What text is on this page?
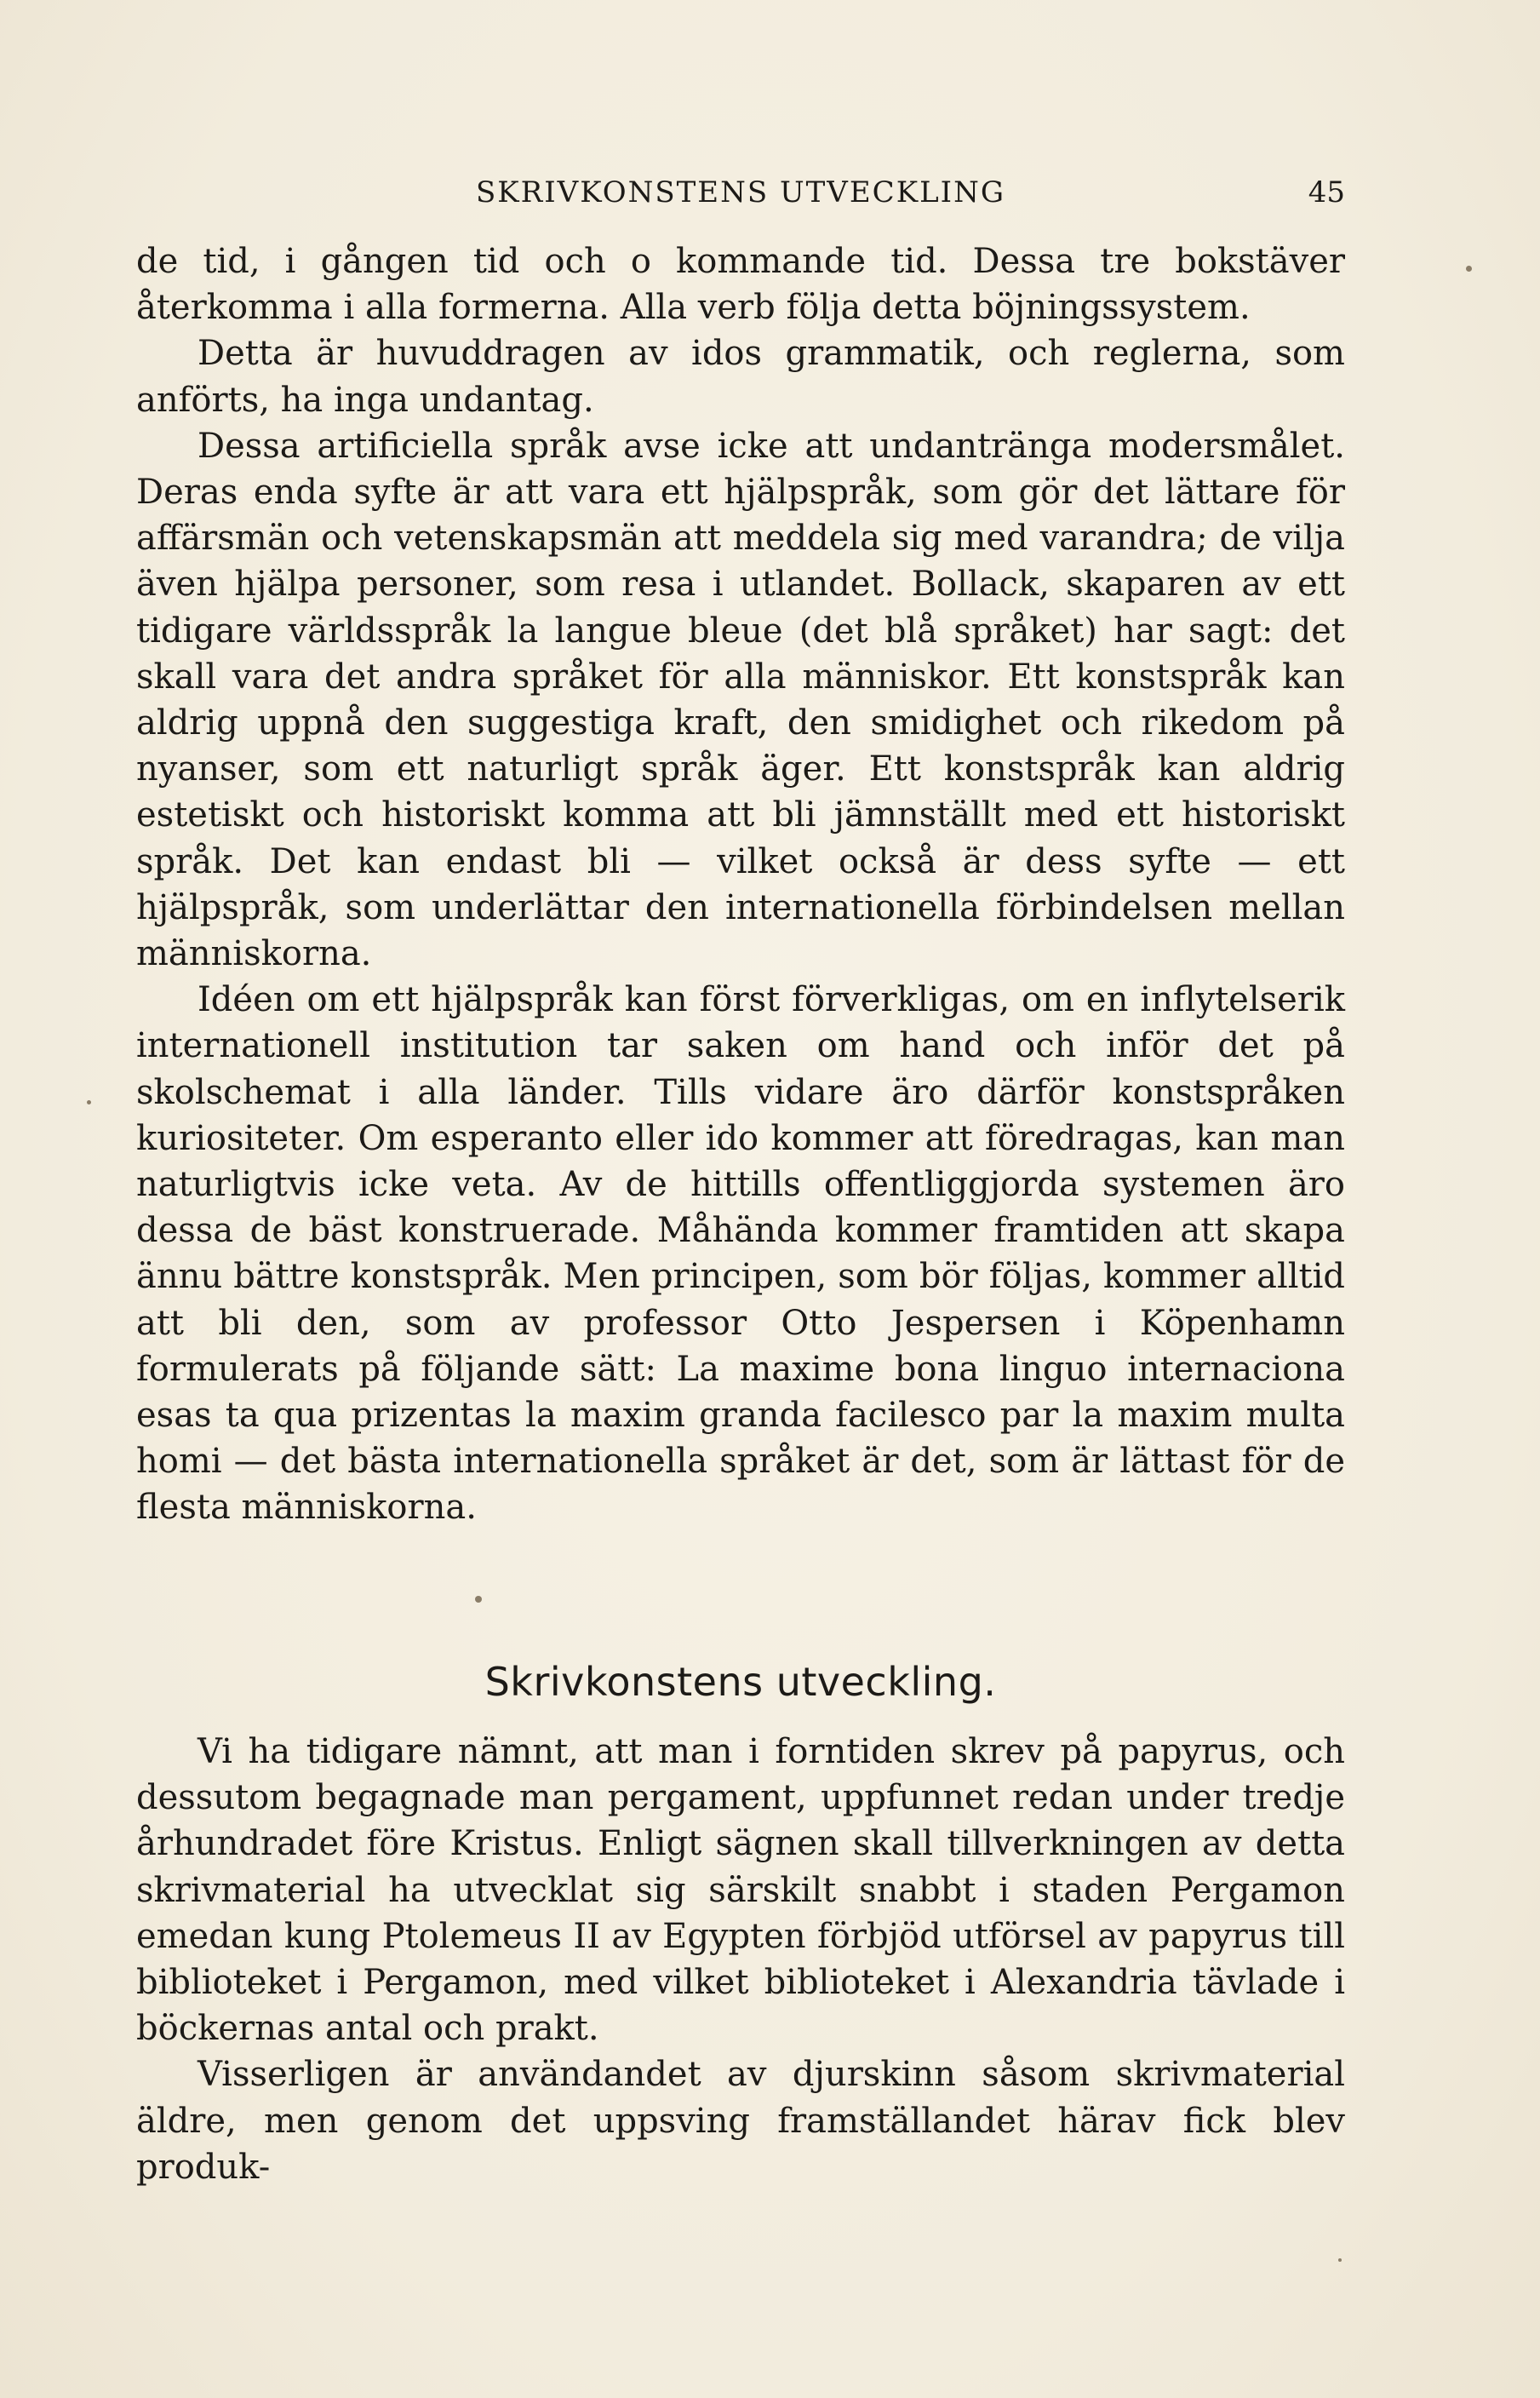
SKRIVKONSTENS UTVECKLING	45

de tid, i gången tid och o kommande tid. Dessa tre bokstäver återkomma i alla formerna. Alla verb följa detta böjningssystem.

Detta är huvuddragen av idos grammatik, och reglerna, som anförts, ha inga undantag.

Dessa artificiella språk avse icke att undantränga modersmålet. Deras enda syfte är att vara ett hjälpspråk, som gör det lättare för affärsmän och vetenskapsmän att meddela sig med varandra; de vilja även hjälpa personer, som resa i utlandet. Bollack, skaparen av ett tidigare världsspråk la langue bleue (det blå språket) har sagt: det skall vara det andra språket för alla människor. Ett konstspråk kan aldrig uppnå den suggestiga kraft, den smidighet och rikedom på nyanser, som ett naturligt språk äger. Ett konstspråk kan aldrig estetiskt och historiskt komma att bli jämnställt med ett historiskt språk. Det kan endast bli — vilket också är dess syfte — ett hjälpspråk, som underlättar den internationella förbindelsen mellan människorna.

Idéen om ett hjälpspråk kan först förverkligas, om en inflytelserik internationell institution tar saken om hand och inför det på skolschemat i alla länder. Tills vidare äro därför konstspråken kuriositeter. Om esperanto eller ido kommer att föredragas, kan man naturligtvis icke veta. Av de hittills offentliggjorda systemen äro dessa de bäst konstruerade. Måhända kommer framtiden att skapa ännu bättre konstspråk. Men principen, som bör följas, kommer alltid att bli den, som av professor Otto Jespersen i Köpenhamn formulerats på följande sätt: La maxime bona linguo internaciona esas ta qua prizentas la maxim granda facilesco par la maxim multa homi — det bästa internationella språket är det, som är lättast för de flesta människorna.

Skrivkonstens utveckling.

Vi ha tidigare nämnt, att man i forntiden skrev på papyrus, och dessutom begagnade man pergament, uppfunnet redan under tredje århundradet före Kristus. Enligt sägnen skall tillverkningen av detta skrivmaterial ha utvecklat sig särskilt snabbt i staden Pergamon emedan kung Ptolemeus II av Egypten förbjöd utförsel av papyrus till biblioteket i Pergamon, med vilket biblioteket i Alexandria tävlade i böckernas antal och prakt.

Visserligen är användandet av djurskinn såsom skrivmaterial äldre, men genom det uppsving framställandet härav fick blev produk-
